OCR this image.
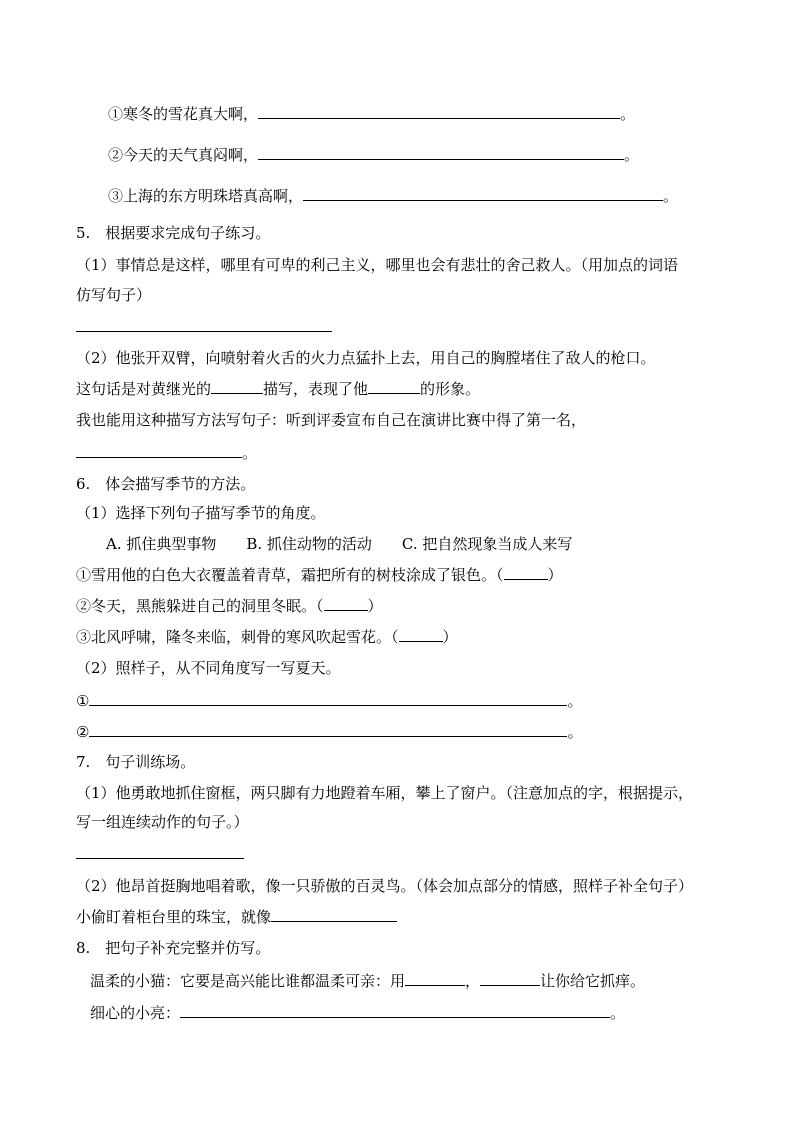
①寒冬的雪花真大啊，	。
②今天的天气真闷啊，	。
③上海的东方明珠塔真高啊，	。
5.　根据要求完成句子练习。
（1）事情总是这样，哪里有可卑的利己主义，哪里也会有悲壮的舍己救人。（用加点的词语
仿写句子）
（2）他张开双臂，向喷射着火舌的火力点猛扑上去，用自己的胸膛堵住了敌人的枪口。
这句话是对黄继光的	描写，表现了他	的形象。
我也能用这种描写方法写句子：听到评委宣布自己在演讲比赛中得了第一名，
。
6.　体会描写季节的方法。
（1）选择下列句子描写季节的角度。
A. 抓住典型事物　　B. 抓住动物的活动　　C. 把自然现象当成人来写
①雪用他的白色大衣覆盖着青草，霜把所有的树枝涂成了银色。（	）
②冬天，黑熊躲进自己的洞里冬眠。（	）
③北风呼啸，隆冬来临，刺骨的寒风吹起雪花。（	）
（2）照样子，从不同角度写一写夏天。
①	。
②	。
7.　句子训练场。
（1）他勇敢地抓住窗框，两只脚有力地蹬着车厢，攀上了窗户。（注意加点的字，根据提示，
写一组连续动作的句子。）
（2）他昂首挺胸地唱着歌，像一只骄傲的百灵鸟。（体会加点部分的情感，照样子补全句子）
小偷盯着柜台里的珠宝，就像
8.　把句子补充完整并仿写。
温柔的小猫：它要是高兴能比谁都温柔可亲：用	，	让你给它抓痒。
细心的小亮：	。
